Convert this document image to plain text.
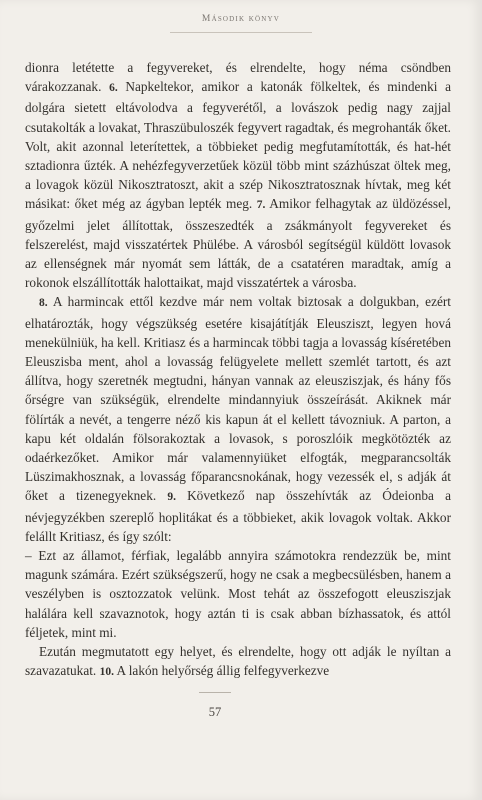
Második könyv

dionra letétette a fegyvereket, és elrendelte, hogy néma csöndben várakozzanak. 6. Napkeltekor, amikor a katonák fölkeltek, és mindenki a dolgára sietett eltávolodva a fegyverétől, a lovászok pedig nagy zajjal csutakolták a lovakat, Thraszübuloszék fegyvert ragadtak, és megrohanták őket. Volt, akit azonnal leterítettek, a többieket pedig megfutamították, és hat-hét sztadionra űzték. A nehézfegyverzetűek közül több mint százhúszat öltek meg, a lovagok közül Nikosztratoszt, akit a szép Nikosztratosznak hívtak, meg két másikat: őket még az ágyban lepték meg. 7. Amikor felhagytak az üldözéssel, győzelmi jelet állítottak, összeszedték a zsákmányolt fegyvereket és felszerelést, majd visszatértek Phülébe. A városból segítségül küldött lovasok az ellenségnek már nyomát sem látták, de a csatatéren maradtak, amíg a rokonok elszállították halottaikat, majd visszatértek a városba.

8. A harmincak ettől kezdve már nem voltak biztosak a dolgukban, ezért elhatározták, hogy végszükség esetére kisajátítják Eleusziszt, legyen hová menekülniük, ha kell. Kritiasz és a harmincak többi tagja a lovasság kíséretében Eleuszisba ment, ahol a lovasság felügyelete mellett szemlét tartott, és azt állítva, hogy szeretnék megtudni, hányan vannak az eleusziszjak, és hány fős őrségre van szükségük, elrendelte mindannyiuk összeírását. Akiknek már fölírták a nevét, a tengerre néző kis kapun át el kellett távozniuk. A parton, a kapu két oldalán fölsorakoztak a lovasok, s poroszlóik megkötözték az odaérkezőket. Amikor már valamennyiüket elfogták, megparancsolták Lüszimakhosznak, a lovasság főparancsnokának, hogy vezessék el, s adják át őket a tizenegyeknek. 9. Következő nap összehívták az Ódeionba a névjegyzékben szereplő hoplitákat és a többieket, akik lovagok voltak. Akkor felállt Kritiasz, és így szólt:

– Ezt az államot, férfiak, legalább annyira számotokra rendezzük be, mint magunk számára. Ezért szükségszerű, hogy ne csak a megbecsülésben, hanem a veszélyben is osztozzatok velünk. Most tehát az összefogott eleusziszjak halálára kell szavaznotok, hogy aztán ti is csak abban bízhassatok, és attól féljetek, mint mi.

Ezután megmutatott egy helyet, és elrendelte, hogy ott adják le nyíltan a szavazatukat. 10. A lakón helyőrség állig felfegyverkezve

57
